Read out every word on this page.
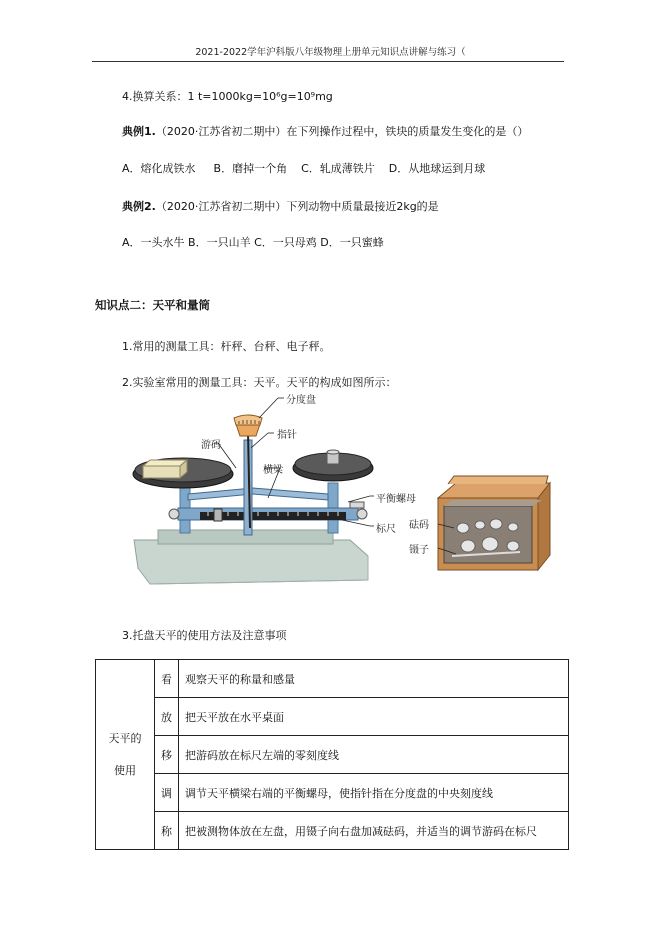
2021-2022学年沪科版八年级物理上册单元知识点讲解与练习（
4.换算关系：1 t=1000kg=10⁶g=10⁹mg
典例1.（2020·江苏省初二期中）在下列操作过程中，铁块的质量发生变化的是（）
A．熔化成铁水 B．磨掉一个角 C．轧成薄铁片 D．从地球运到月球
典例2.（2020·江苏省初二期中）下列动物中质量最接近2kg的是
A．一头水牛 B．一只山羊 C．一只母鸡 D．一只蜜蜂
知识点二：天平和量筒
1.常用的测量工具：杆秤、台秤、电子秤。
2.实验室常用的测量工具：天平。天平的构成如图所示：
分度盘
游码
指针
横梁
平衡螺母
标尺 砝码
镊子
3.托盘天平的使用方法及注意事项
天平的
使用	看	观察天平的称量和感量
	放	把天平放在水平桌面
	移	把游码放在标尺左端的零刻度线
	调	调节天平横梁右端的平衡螺母，使指针指在分度盘的中央刻度线
	称	把被测物体放在左盘，用镊子向右盘加减砝码，并适当的调节游码在标尺
